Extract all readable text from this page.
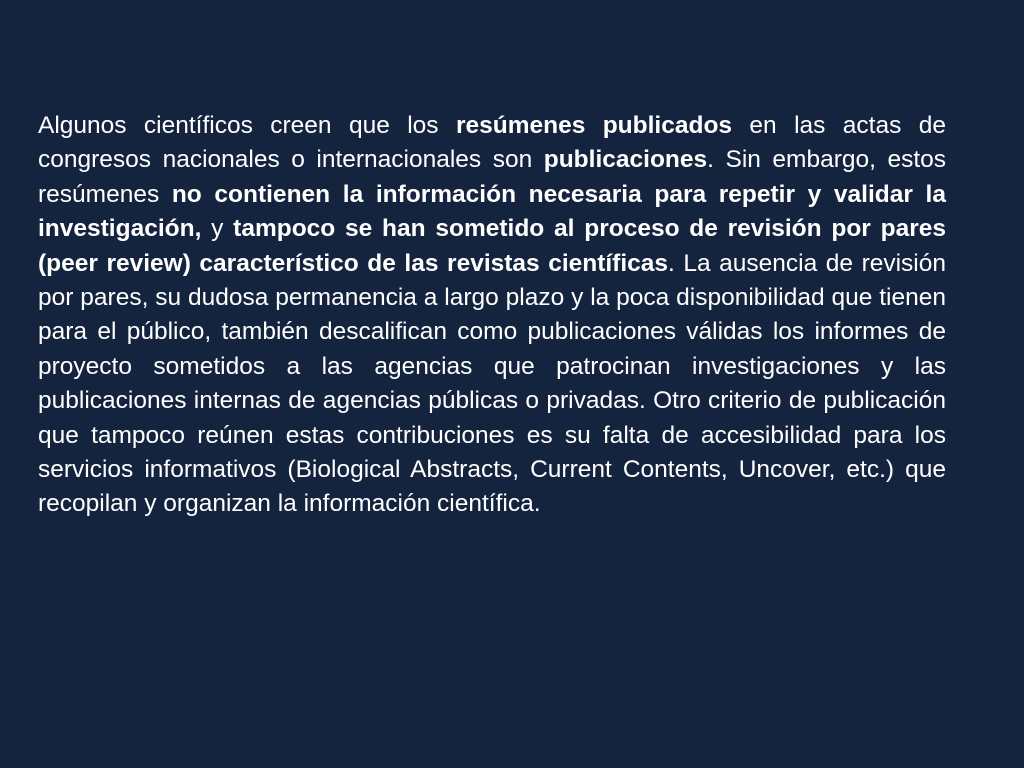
Algunos científicos creen que los resúmenes publicados en las actas de congresos nacionales o internacionales son publicaciones. Sin embargo, estos resúmenes no contienen la información necesaria para repetir y validar la investigación, y tampoco se han sometido al proceso de revisión por pares (peer review) característico de las revistas científicas. La ausencia de revisión por pares, su dudosa permanencia a largo plazo y la poca disponibilidad que tienen para el público, también descalifican como publicaciones válidas los informes de proyecto sometidos a las agencias que patrocinan investigaciones y las publicaciones internas de agencias públicas o privadas. Otro criterio de publicación que tampoco reúnen estas contribuciones es su falta de accesibilidad para los servicios informativos (Biological Abstracts, Current Contents, Uncover, etc.) que recopilan y organizan la información científica.
